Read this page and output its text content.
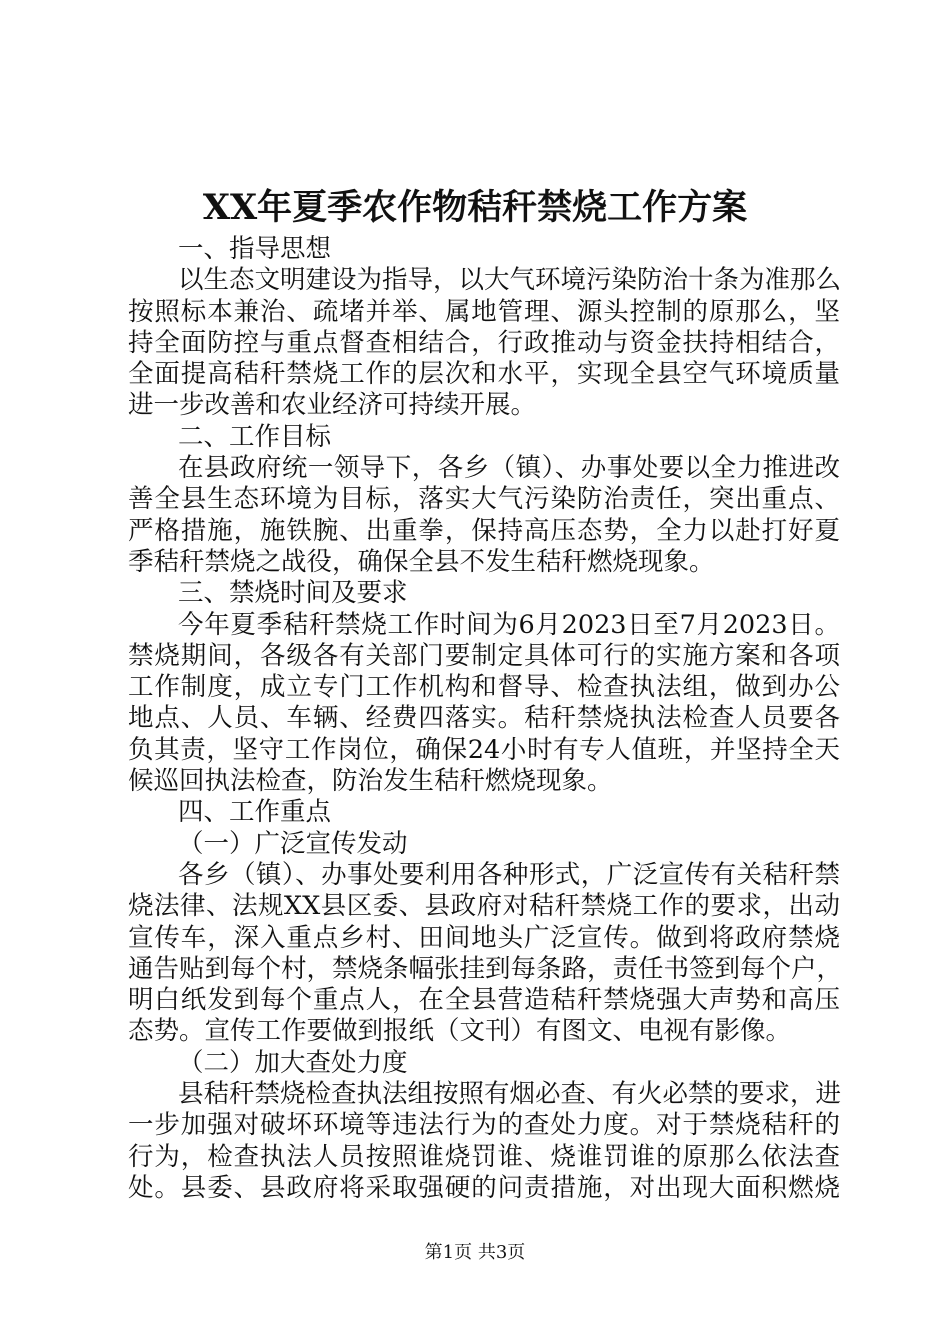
XX年夏季农作物秸秆禁烧工作方案
一、指导思想
以生态文明建设为指导，以大气环境污染防治十条为准那么
按照标本兼治、疏堵并举、属地管理、源头控制的原那么，坚
持全面防控与重点督查相结合，行政推动与资金扶持相结合，
全面提高秸秆禁烧工作的层次和水平，实现全县空气环境质量
进一步改善和农业经济可持续开展。
二、工作目标
在县政府统一领导下，各乡（镇）、办事处要以全力推进改
善全县生态环境为目标，落实大气污染防治责任，突出重点、
严格措施，施铁腕、出重拳，保持高压态势，全力以赴打好夏
季秸秆禁烧之战役，确保全县不发生秸秆燃烧现象。
三、禁烧时间及要求
今年夏季秸秆禁烧工作时间为6月2023日至7月2023日。
禁烧期间，各级各有关部门要制定具体可行的实施方案和各项
工作制度，成立专门工作机构和督导、检查执法组，做到办公
地点、人员、车辆、经费四落实。秸秆禁烧执法检查人员要各
负其责，坚守工作岗位，确保24小时有专人值班，并坚持全天
候巡回执法检查，防治发生秸秆燃烧现象。
四、工作重点
（一）广泛宣传发动
各乡（镇）、办事处要利用各种形式，广泛宣传有关秸秆禁
烧法律、法规XX县区委、县政府对秸秆禁烧工作的要求，出动
宣传车，深入重点乡村、田间地头广泛宣传。做到将政府禁烧
通告贴到每个村，禁烧条幅张挂到每条路，责任书签到每个户，
明白纸发到每个重点人，在全县营造秸秆禁烧强大声势和高压
态势。宣传工作要做到报纸（文刊）有图文、电视有影像。
（二）加大查处力度
县秸秆禁烧检查执法组按照有烟必查、有火必禁的要求，进
一步加强对破坏环境等违法行为的查处力度。对于禁烧秸秆的
行为，检查执法人员按照谁烧罚谁、烧谁罚谁的原那么依法查
处。县委、县政府将采取强硬的问责措施，对出现大面积燃烧
第1页 共3页
